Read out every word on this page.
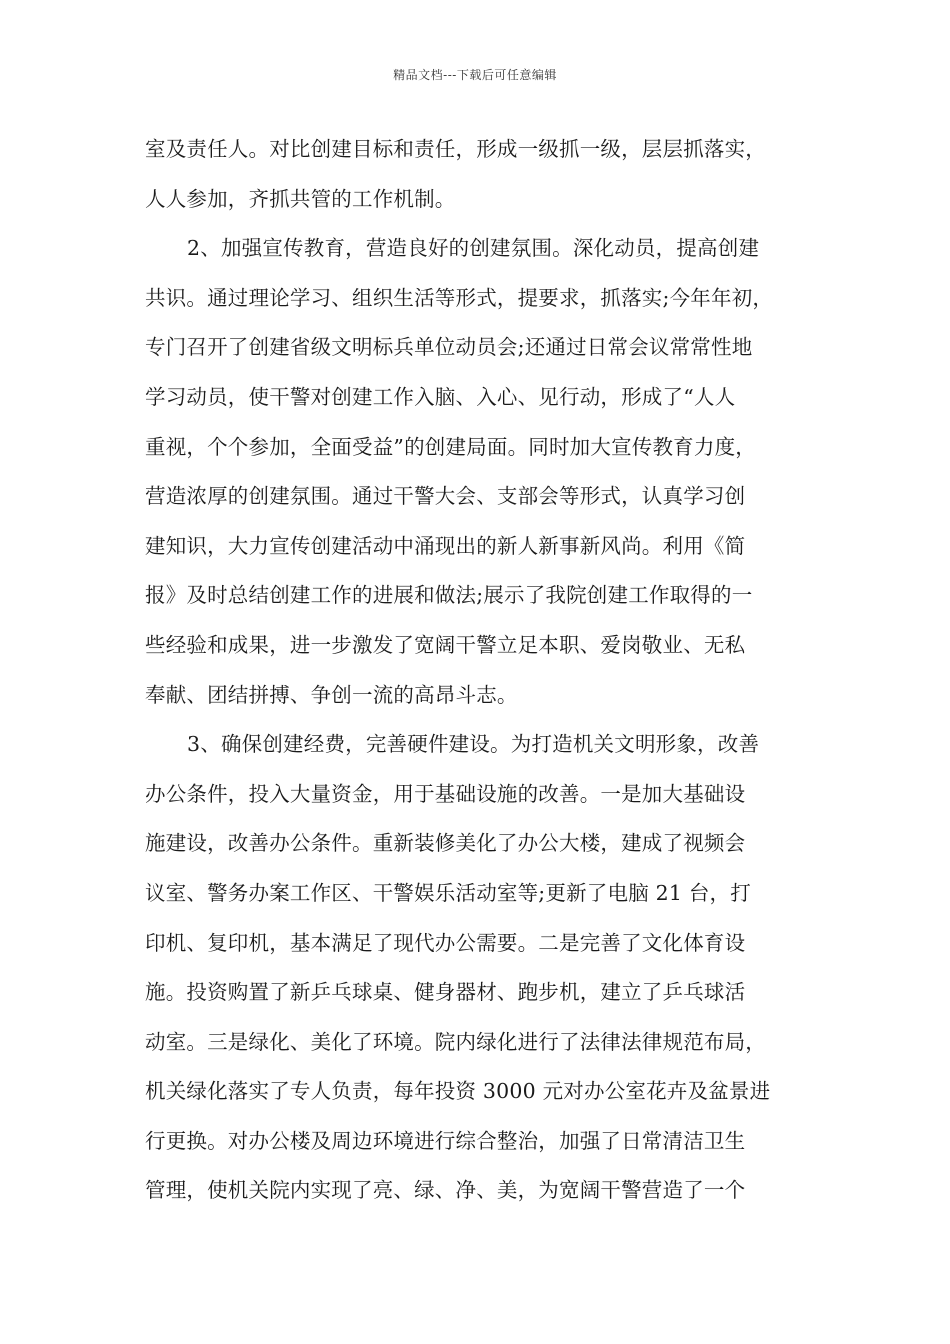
精品文档---下载后可任意编辑
室及责任人。对比创建目标和责任，形成一级抓一级，层层抓落实，
人人参加，齐抓共管的工作机制。
2、加强宣传教育，营造良好的创建氛围。深化动员，提高创建
共识。通过理论学习、组织生活等形式，提要求，抓落实;今年年初，
专门召开了创建省级文明标兵单位动员会;还通过日常会议常常性地
学习动员，使干警对创建工作入脑、入心、见行动，形成了“人人
重视，个个参加，全面受益”的创建局面。同时加大宣传教育力度，
营造浓厚的创建氛围。通过干警大会、支部会等形式，认真学习创
建知识，大力宣传创建活动中涌现出的新人新事新风尚。利用《简
报》及时总结创建工作的进展和做法;展示了我院创建工作取得的一
些经验和成果，进一步激发了宽阔干警立足本职、爱岗敬业、无私
奉献、团结拼搏、争创一流的高昂斗志。
3、确保创建经费，完善硬件建设。为打造机关文明形象，改善
办公条件，投入大量资金，用于基础设施的改善。一是加大基础设
施建设，改善办公条件。重新装修美化了办公大楼，建成了视频会
议室、警务办案工作区、干警娱乐活动室等;更新了电脑 21 台，打
印机、复印机，基本满足了现代办公需要。二是完善了文化体育设
施。投资购置了新乒乓球桌、健身器材、跑步机，建立了乒乓球活
动室。三是绿化、美化了环境。院内绿化进行了法律法律规范布局，
机关绿化落实了专人负责，每年投资 3000 元对办公室花卉及盆景进
行更换。对办公楼及周边环境进行综合整治，加强了日常清洁卫生
管理，使机关院内实现了亮、绿、净、美，为宽阔干警营造了一个
